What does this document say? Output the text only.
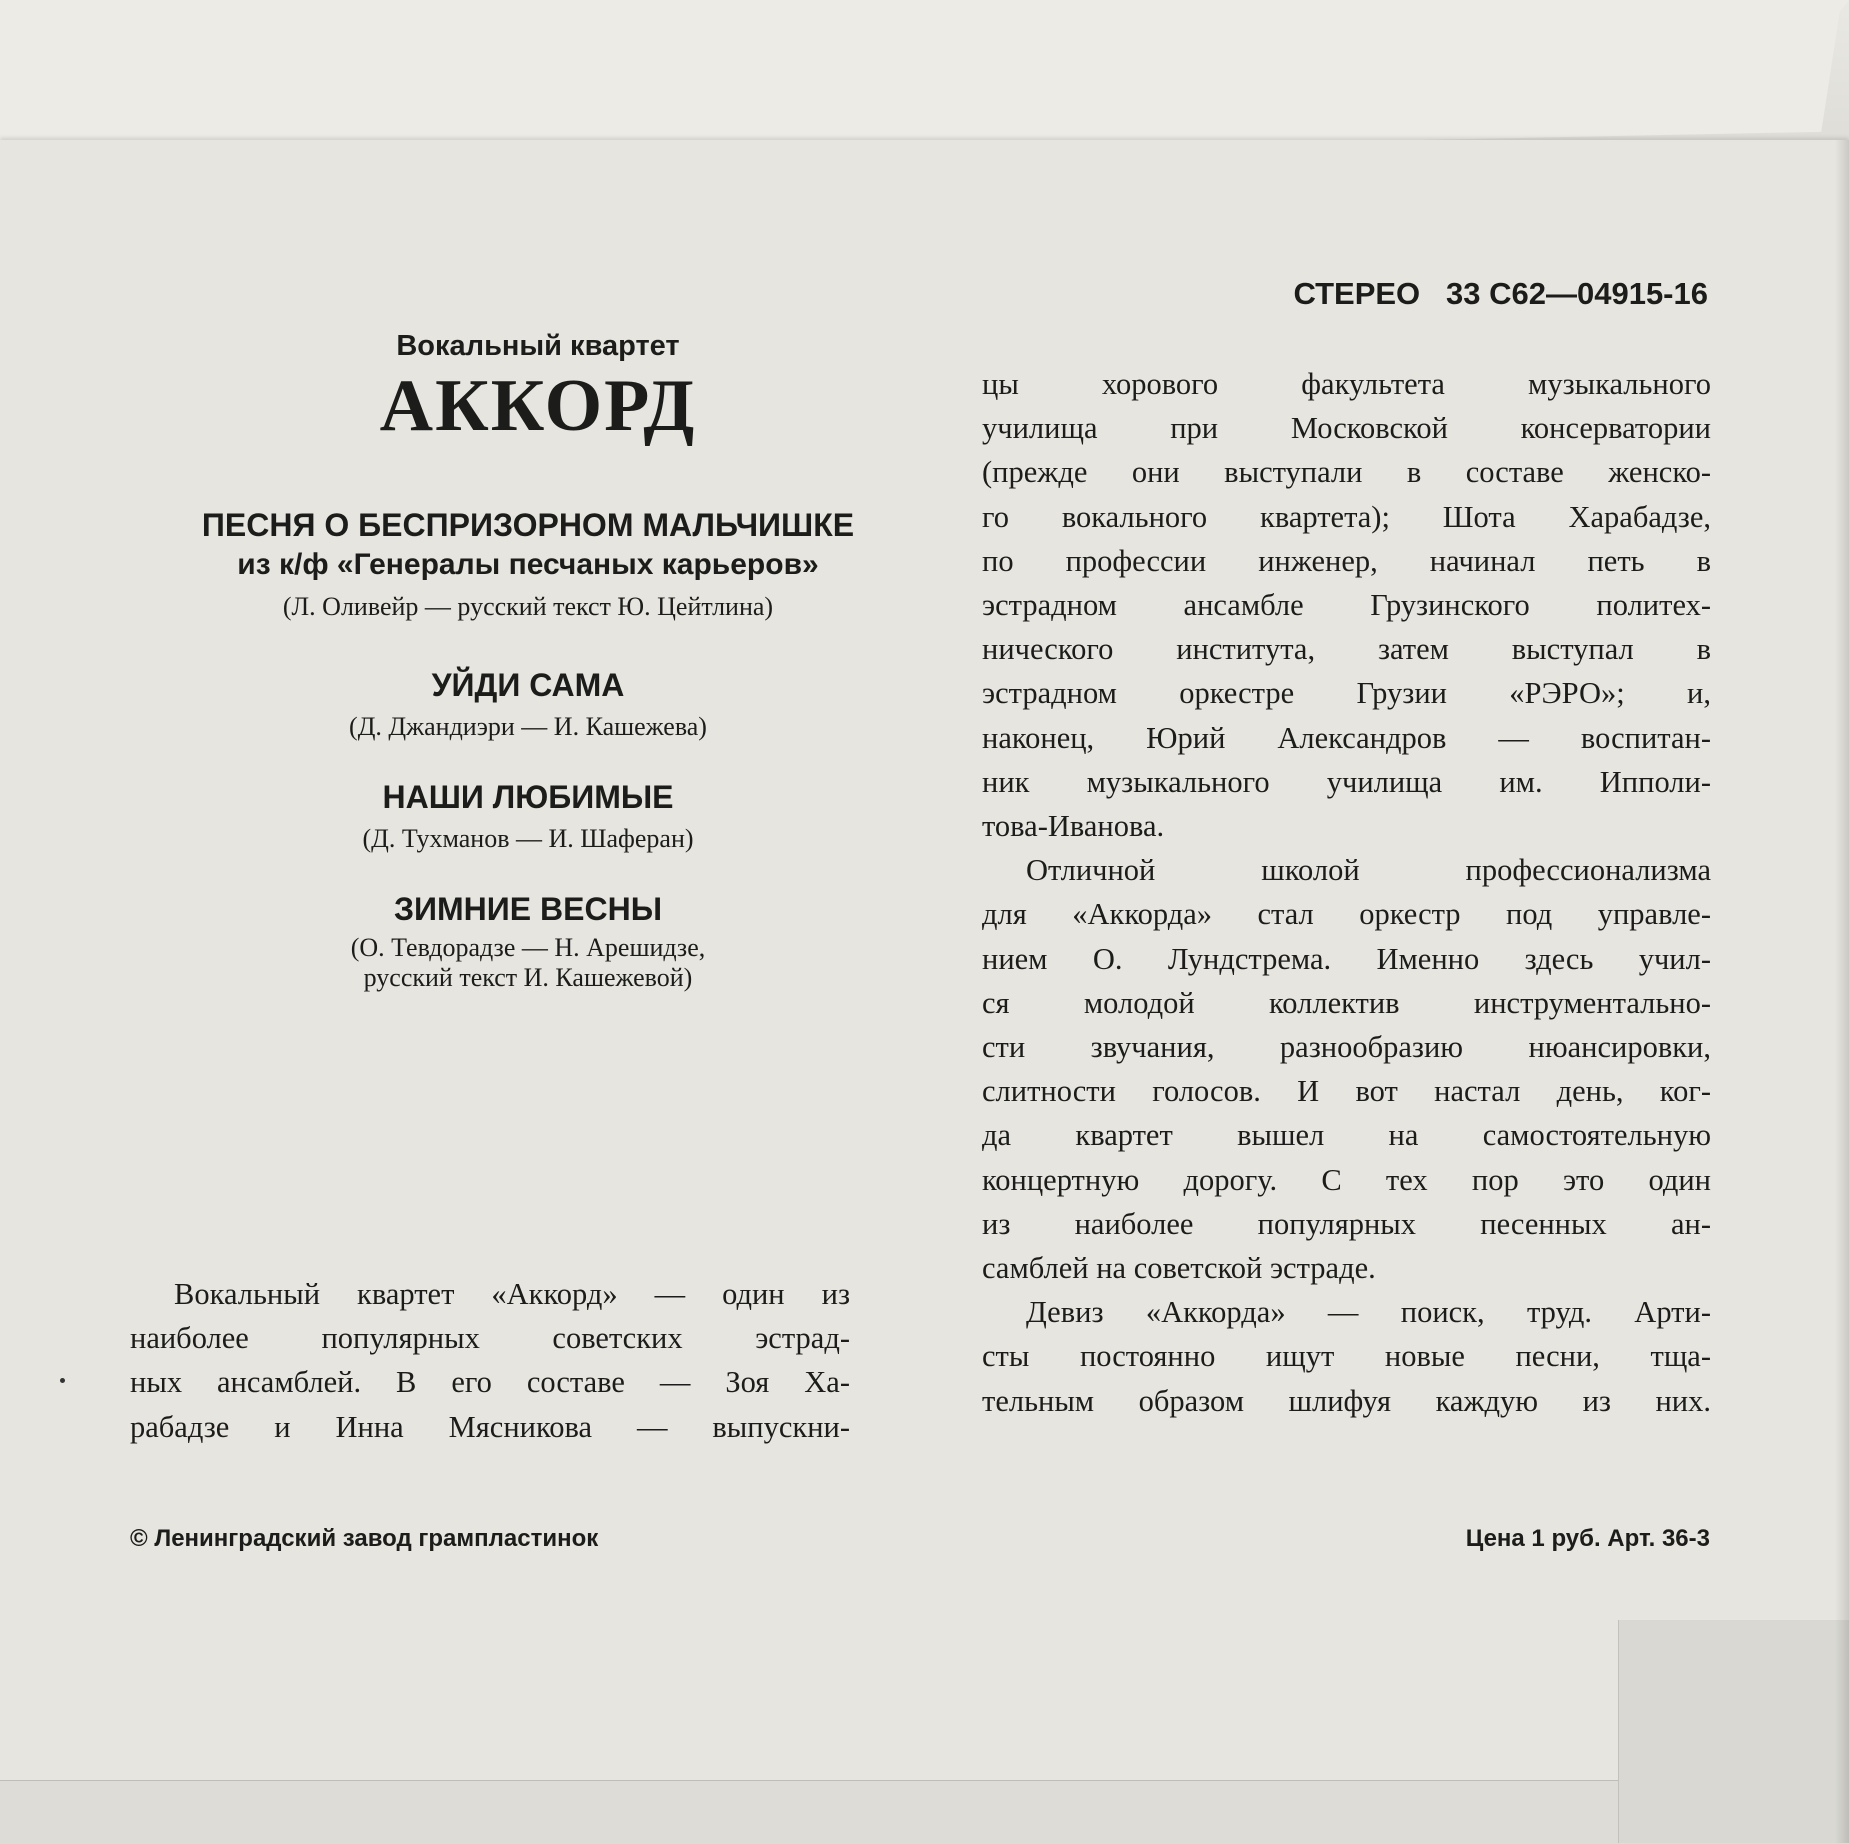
СТЕРЕО 33 С62—04915-16
Вокальный квартет
АККОРД
ПЕСНЯ О БЕСПРИЗОРНОМ МАЛЬЧИШКЕ
из к/ф «Генералы песчаных карьеров»
(Л. Оливейр — русский текст Ю. Цейтлина)
УЙДИ САМА
(Д. Джандиэри — И. Кашежева)
НАШИ ЛЮБИМЫЕ
(Д. Тухманов — И. Шаферан)
ЗИМНИЕ ВЕСНЫ
(О. Тевдорадзе — Н. Арешидзе,
русский текст И. Кашежевой)

Вокальный квартет «Аккорд» — один из

наиболее популярных советских эстрад-

ных ансамблей. В его составе — Зоя Ха-

рабадзе и Инна Мясникова — выпускни-

цы хорового факультета музыкального

училища при Московской консерватории

(прежде они выступали в составе женско-

го вокального квартета); Шота Харабадзе,

по профессии инженер, начинал петь в

эстрадном ансамбле Грузинского политех-

нического института, затем выступал в

эстрадном оркестре Грузии «РЭРО»; и,

наконец, Юрий Александров — воспитан-

ник музыкального училища им. Ипполи-

това-Иванова.

Отличной школой профессионализма

для «Аккорда» стал оркестр под управле-

нием О. Лундстрема. Именно здесь учил-

ся молодой коллектив инструментально-

сти звучания, разнообразию нюансировки,

слитности голосов. И вот настал день, ког-

да квартет вышел на самостоятельную

концертную дорогу. С тех пор это один

из наиболее популярных песенных ан-

самблей на советской эстраде.

Девиз «Аккорда» — поиск, труд. Арти-

сты постоянно ищут новые песни, тща-

тельным образом шлифуя каждую из них.

© Ленинградский завод грампластинок	Цена 1 руб. Арт. 36-3
